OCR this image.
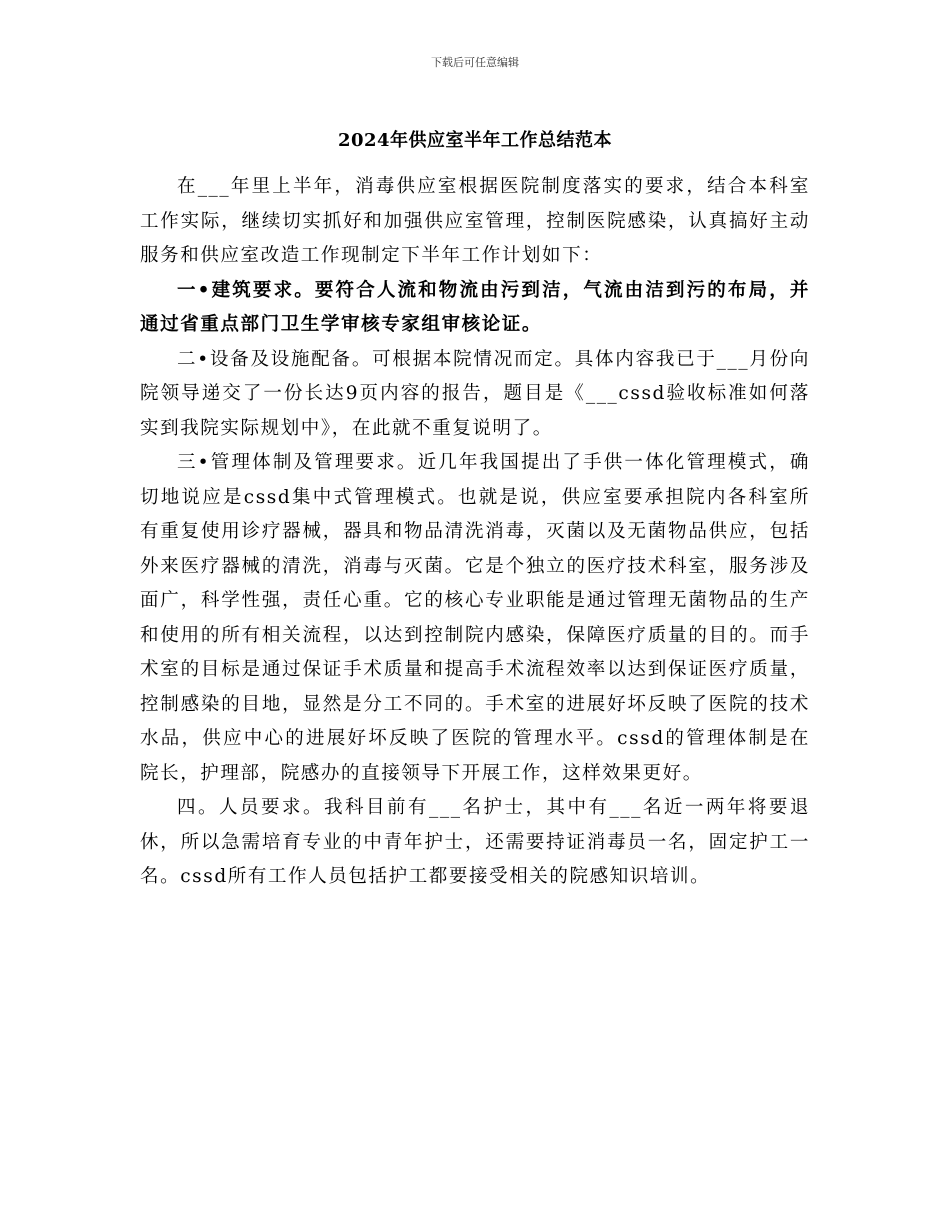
下载后可任意编辑
2024年供应室半年工作总结范本

在___年里上半年，消毒供应室根据医院制度落实的要求，结合本科室工作实际，继续切实抓好和加强供应室管理，控制医院感染，认真搞好主动服务和供应室改造工作现制定下半年工作计划如下：

一•建筑要求。要符合人流和物流由污到洁，气流由洁到污的布局，并通过省重点部门卫生学审核专家组审核论证。

二•设备及设施配备。可根据本院情况而定。具体内容我已于___月份向院领导递交了一份长达9页内容的报告，题目是《___cssd验收标准如何落实到我院实际规划中》，在此就不重复说明了。

三•管理体制及管理要求。近几年我国提出了手供一体化管理模式，确切地说应是cssd集中式管理模式。也就是说，供应室要承担院内各科室所有重复使用诊疗器械，器具和物品清洗消毒，灭菌以及无菌物品供应，包括外来医疗器械的清洗，消毒与灭菌。它是个独立的医疗技术科室，服务涉及面广，科学性强，责任心重。它的核心专业职能是通过管理无菌物品的生产和使用的所有相关流程，以达到控制院内感染，保障医疗质量的目的。而手术室的目标是通过保证手术质量和提高手术流程效率以达到保证医疗质量，控制感染的目地，显然是分工不同的。手术室的进展好坏反映了医院的技术水品，供应中心的进展好坏反映了医院的管理水平。cssd的管理体制是在院长，护理部，院感办的直接领导下开展工作，这样效果更好。

四。人员要求。我科目前有___名护士，其中有___名近一两年将要退休，所以急需培育专业的中青年护士，还需要持证消毒员一名，固定护工一名。cssd所有工作人员包括护工都要接受相关的院感知识培训。
